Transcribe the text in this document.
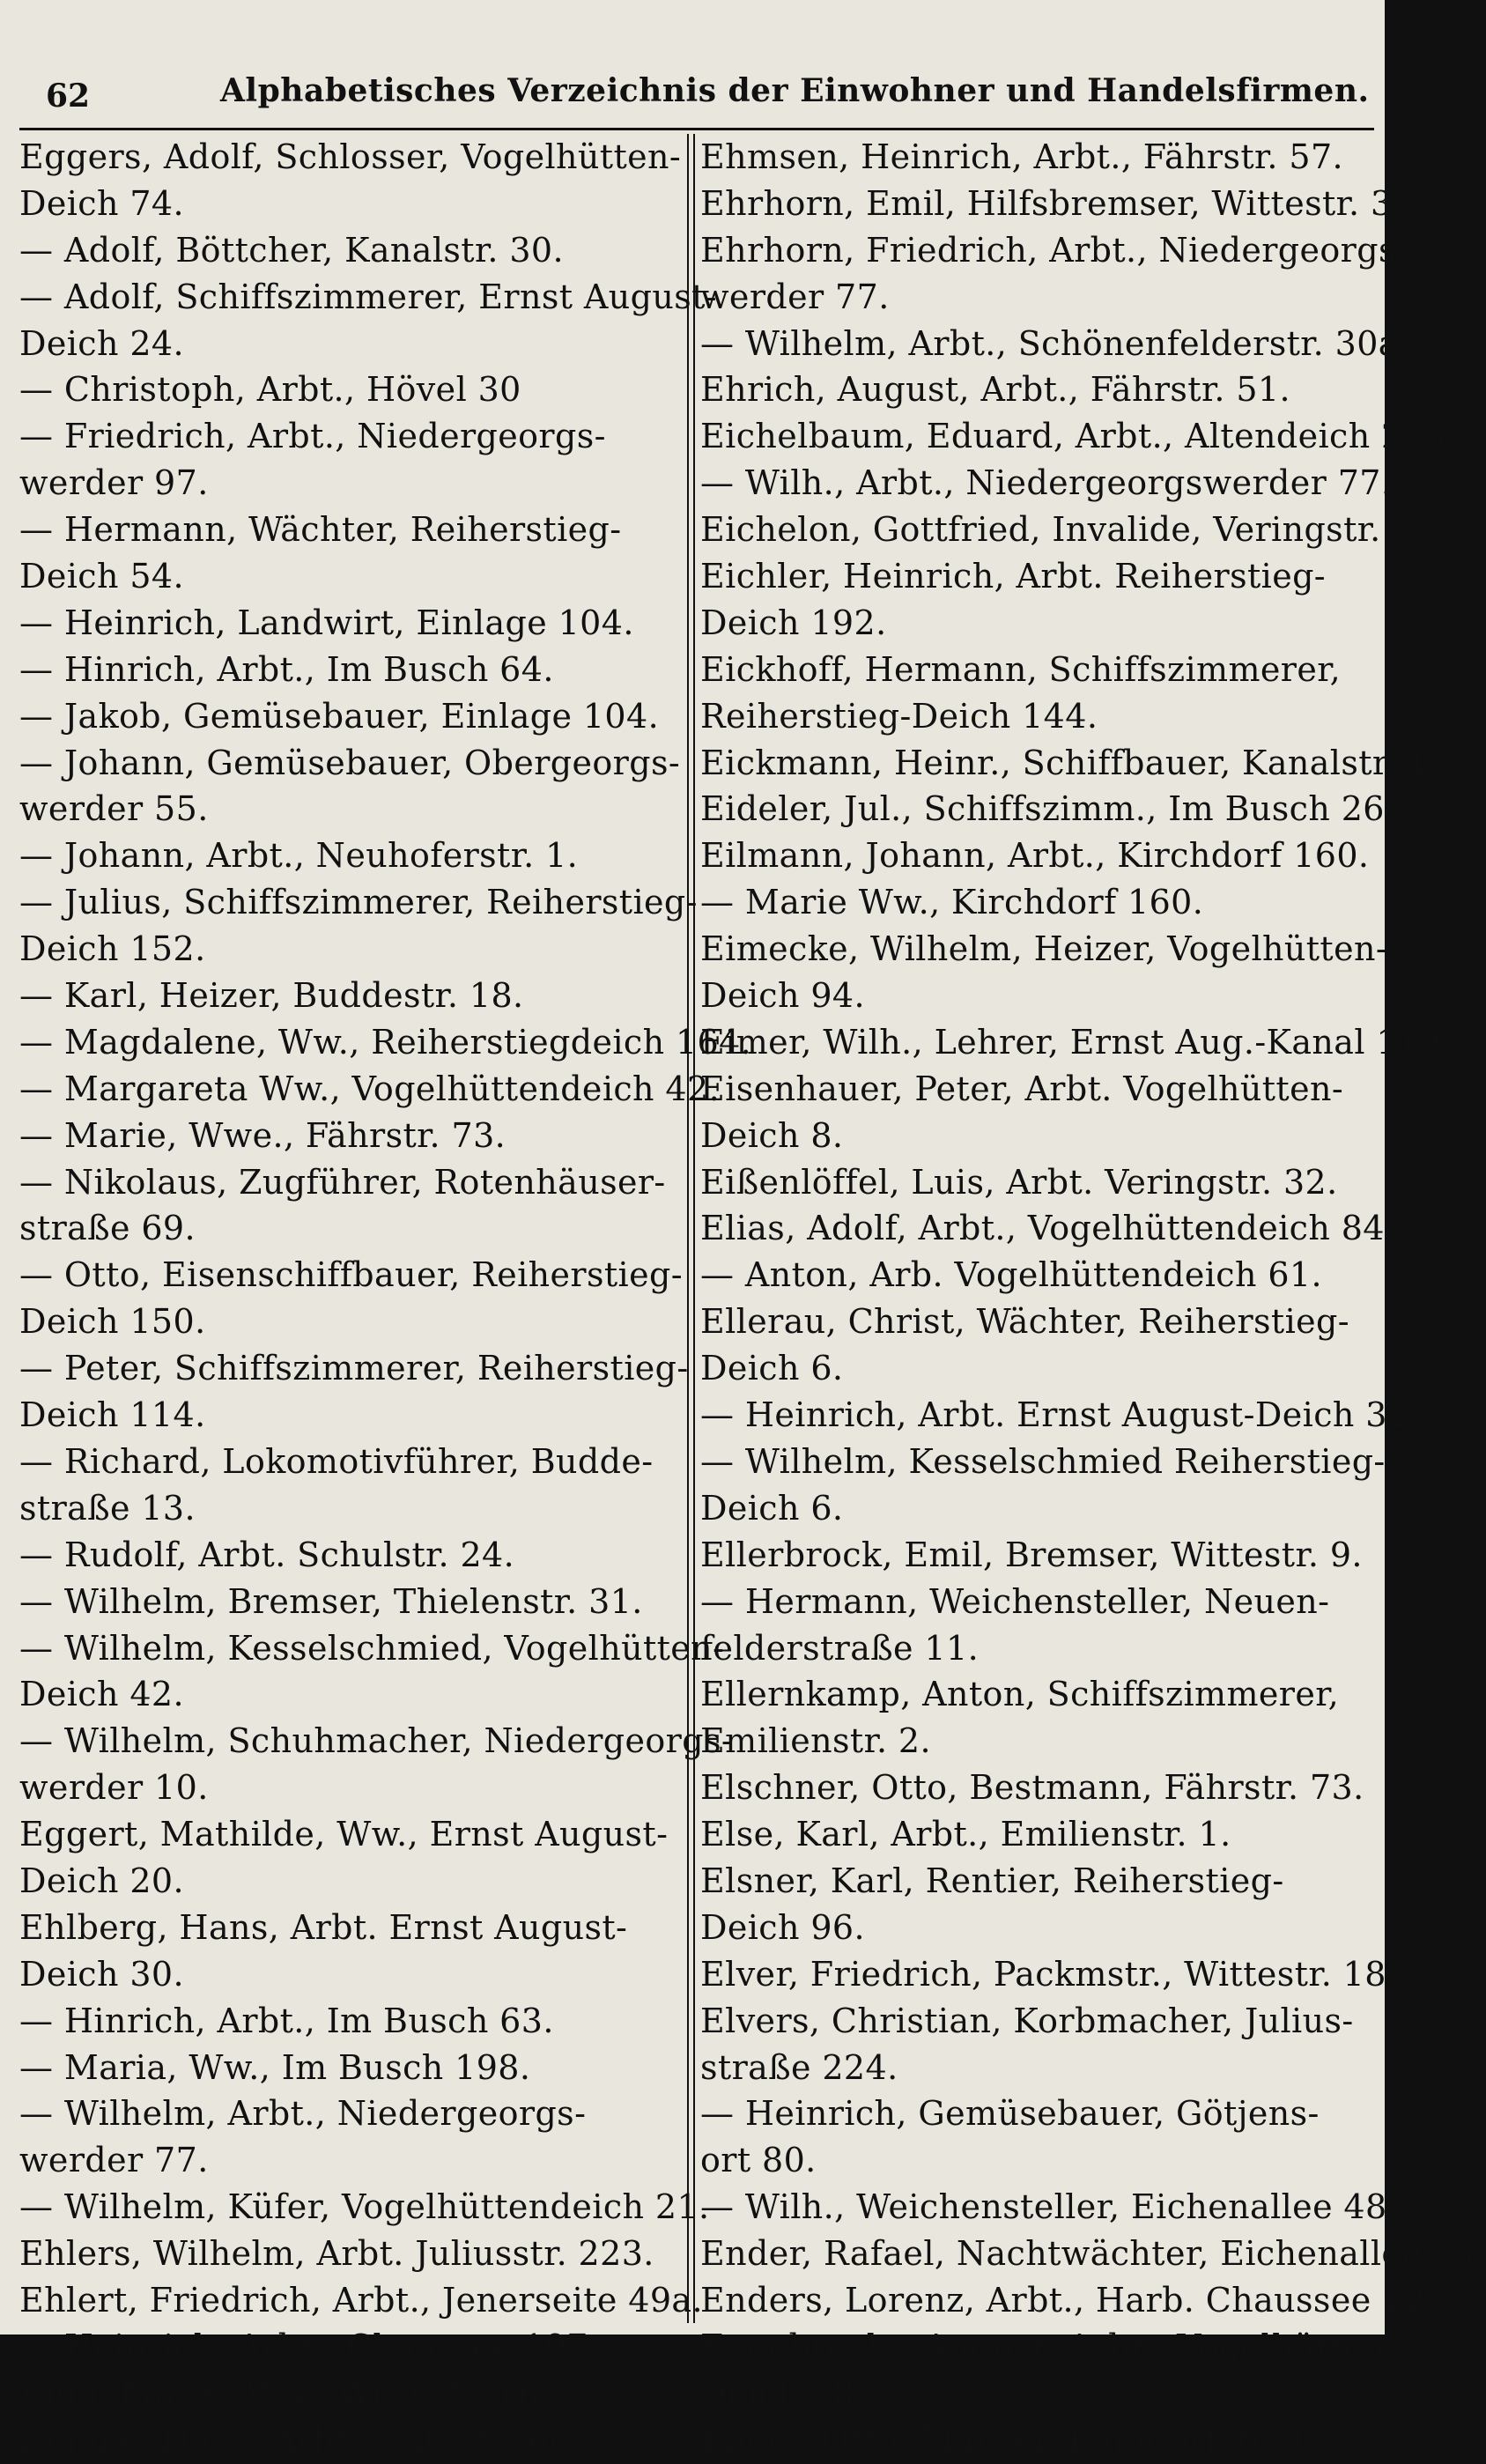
62	Alphabetisches Verzeichnis der Einwohner und Handelsfirmen.
Eggers, Adolf, Schlosser, Vogelhütten-
Deich 74.
— Adolf, Böttcher, Kanalstr. 30.
— Adolf, Schiffszimmerer, Ernst August-
Deich 24.
— Christoph, Arbt., Hövel 30
— Friedrich, Arbt., Niedergeorgs-
werder 97.
— Hermann, Wächter, Reiherstieg-
Deich 54.
— Heinrich, Landwirt, Einlage 104.
— Hinrich, Arbt., Im Busch 64.
— Jakob, Gemüsebauer, Einlage 104.
— Johann, Gemüsebauer, Obergeorgs-
werder 55.
— Johann, Arbt., Neuhoferstr. 1.
— Julius, Schiffszimmerer, Reiherstieg-
Deich 152.
— Karl, Heizer, Buddestr. 18.
— Magdalene, Ww., Reiherstiegdeich 164.
— Margareta Ww., Vogelhüttendeich 42.
— Marie, Wwe., Fährstr. 73.
— Nikolaus, Zugführer, Rotenhäuser-
straße 69.
— Otto, Eisenschiffbauer, Reiherstieg-
Deich 150.
— Peter, Schiffszimmerer, Reiherstieg-
Deich 114.
— Richard, Lokomotivführer, Budde-
straße 13.
— Rudolf, Arbt. Schulstr. 24.
— Wilhelm, Bremser, Thielenstr. 31.
— Wilhelm, Kesselschmied, Vogelhütten-
Deich 42.
— Wilhelm, Schuhmacher, Niedergeorgs-
werder 10.
Eggert, Mathilde, Ww., Ernst August-
Deich 20.
Ehlberg, Hans, Arbt. Ernst August-
Deich 30.
— Hinrich, Arbt., Im Busch 63.
— Maria, Ww., Im Busch 198.
— Wilhelm, Arbt., Niedergeorgs-
werder 77.
— Wilhelm, Küfer, Vogelhüttendeich 21.
Ehlers, Wilhelm, Arbt. Juliusstr. 223.
Ehlert, Friedrich, Arbt., Jenerseite 49a.
— Heinrich, Arbt., Chaussee 197.
Ehm, Marie, Ww., Wittestr. 16.
Ehmke, Hans, Arbt., Fährstr. 66.
Ehmsen, Heinrich, Arbt., Fährstr. 57.
Ehrhorn, Emil, Hilfsbremser, Wittestr. 3.
Ehrhorn, Friedrich, Arbt., Niedergeorgs-
werder 77.
— Wilhelm, Arbt., Schönenfelderstr. 30a.
Ehrich, August, Arbt., Fährstr. 51.
Eichelbaum, Eduard, Arbt., Altendeich 223.
— Wilh., Arbt., Niedergeorgswerder 77.
Eichelon, Gottfried, Invalide, Veringstr. 8.
Eichler, Heinrich, Arbt. Reiherstieg-
Deich 192.
Eickhoff, Hermann, Schiffszimmerer,
Reiherstieg-Deich 144.
Eickmann, Heinr., Schiffbauer, Kanalstr. 1.
Eideler, Jul., Schiffszimm., Im Busch 264.
Eilmann, Johann, Arbt., Kirchdorf 160.
— Marie Ww., Kirchdorf 160.
Eimecke, Wilhelm, Heizer, Vogelhütten-
Deich 94.
Eimer, Wilh., Lehrer, Ernst Aug.-Kanal 119.
Eisenhauer, Peter, Arbt. Vogelhütten-
Deich 8.
Eißenlöffel, Luis, Arbt. Veringstr. 32.
Elias, Adolf, Arbt., Vogelhüttendeich 84.
— Anton, Arb. Vogelhüttendeich 61.
Ellerau, Christ, Wächter, Reiherstieg-
Deich 6.
— Heinrich, Arbt. Ernst August-Deich 32.
— Wilhelm, Kesselschmied Reiherstieg-
Deich 6.
Ellerbrock, Emil, Bremser, Wittestr. 9.
— Hermann, Weichensteller, Neuen-
felderstraße 11.
Ellernkamp, Anton, Schiffszimmerer,
Emilienstr. 2.
Elschner, Otto, Bestmann, Fährstr. 73.
Else, Karl, Arbt., Emilienstr. 1.
Elsner, Karl, Rentier, Reiherstieg-
Deich 96.
Elver, Friedrich, Packmstr., Wittestr. 18.
Elvers, Christian, Korbmacher, Julius-
straße 224.
— Heinrich, Gemüsebauer, Götjens-
ort 80.
— Wilh., Weichensteller, Eichenallee 48a.
Ender, Rafael, Nachtwächter, Eichenallee 5a.
Enders, Lorenz, Arbt., Harb. Chaussee 125.
Engebrecht, August, Arbt., Vogelhütten-
Deich 58.
Engel, Otto, Maurer, Kaindorfstr. 4.
